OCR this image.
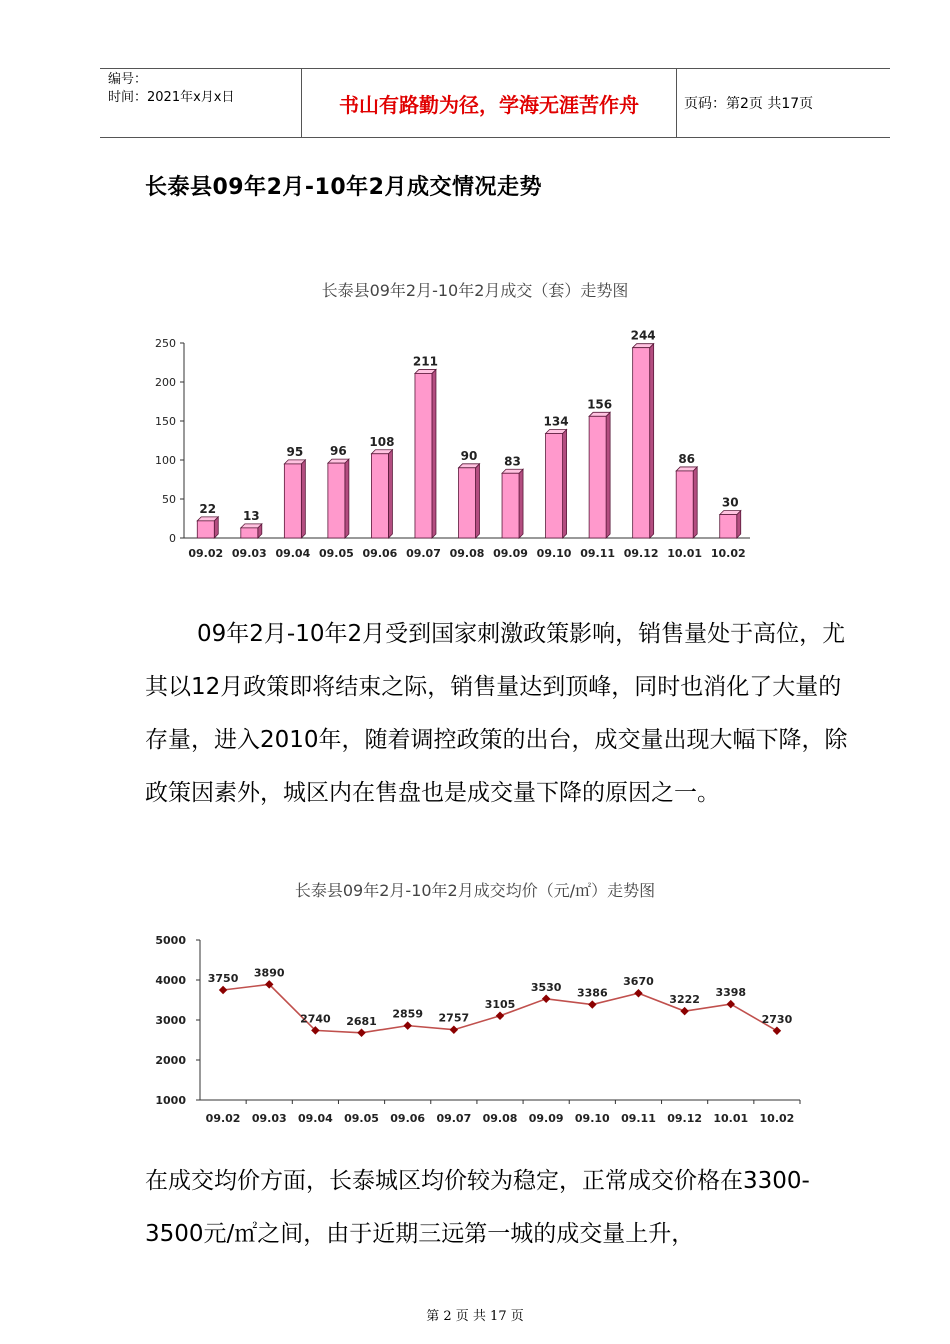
编号：
时间：2021年x月x日	书山有路勤为径，学海无涯苦作舟	页码：第2页 共17页
长泰县09年2月-10年2月成交情况走势
长泰县09年2月-10年2月成交（套）走势图
0
50
100
150
200
250
22
09.02
13
09.03
95
09.04
96
09.05
108
09.06
211
09.07
90
09.08
83
09.09
134
09.10
156
09.11
244
09.12
86
10.01
30
10.02

09年2月-10年2月受到国家刺激政策影响，销售量处于高位，尤其以12月政策即将结束之际，销售量达到顶峰，同时也消化了大量的存量，进入2010年，随着调控政策的出台，成交量出现大幅下降，除政策因素外，城区内在售盘也是成交量下降的原因之一。

长泰县09年2月-10年2月成交均价（元/㎡）走势图
1000
2000
3000
4000
5000
09.02 09.03 09.04 09.05 09.06 09.07 09.08 09.09 09.10 09.11 09.12 10.01 10.02
3750 3890
2740 2681
2859 2757
3105
3530 3386
3670
3222
3398
2730

在成交均价方面，长泰城区均价较为稳定，正常成交价格在3300-3500元/㎡之间，由于近期三远第一城的成交量上升，

第 2 页 共 17 页
